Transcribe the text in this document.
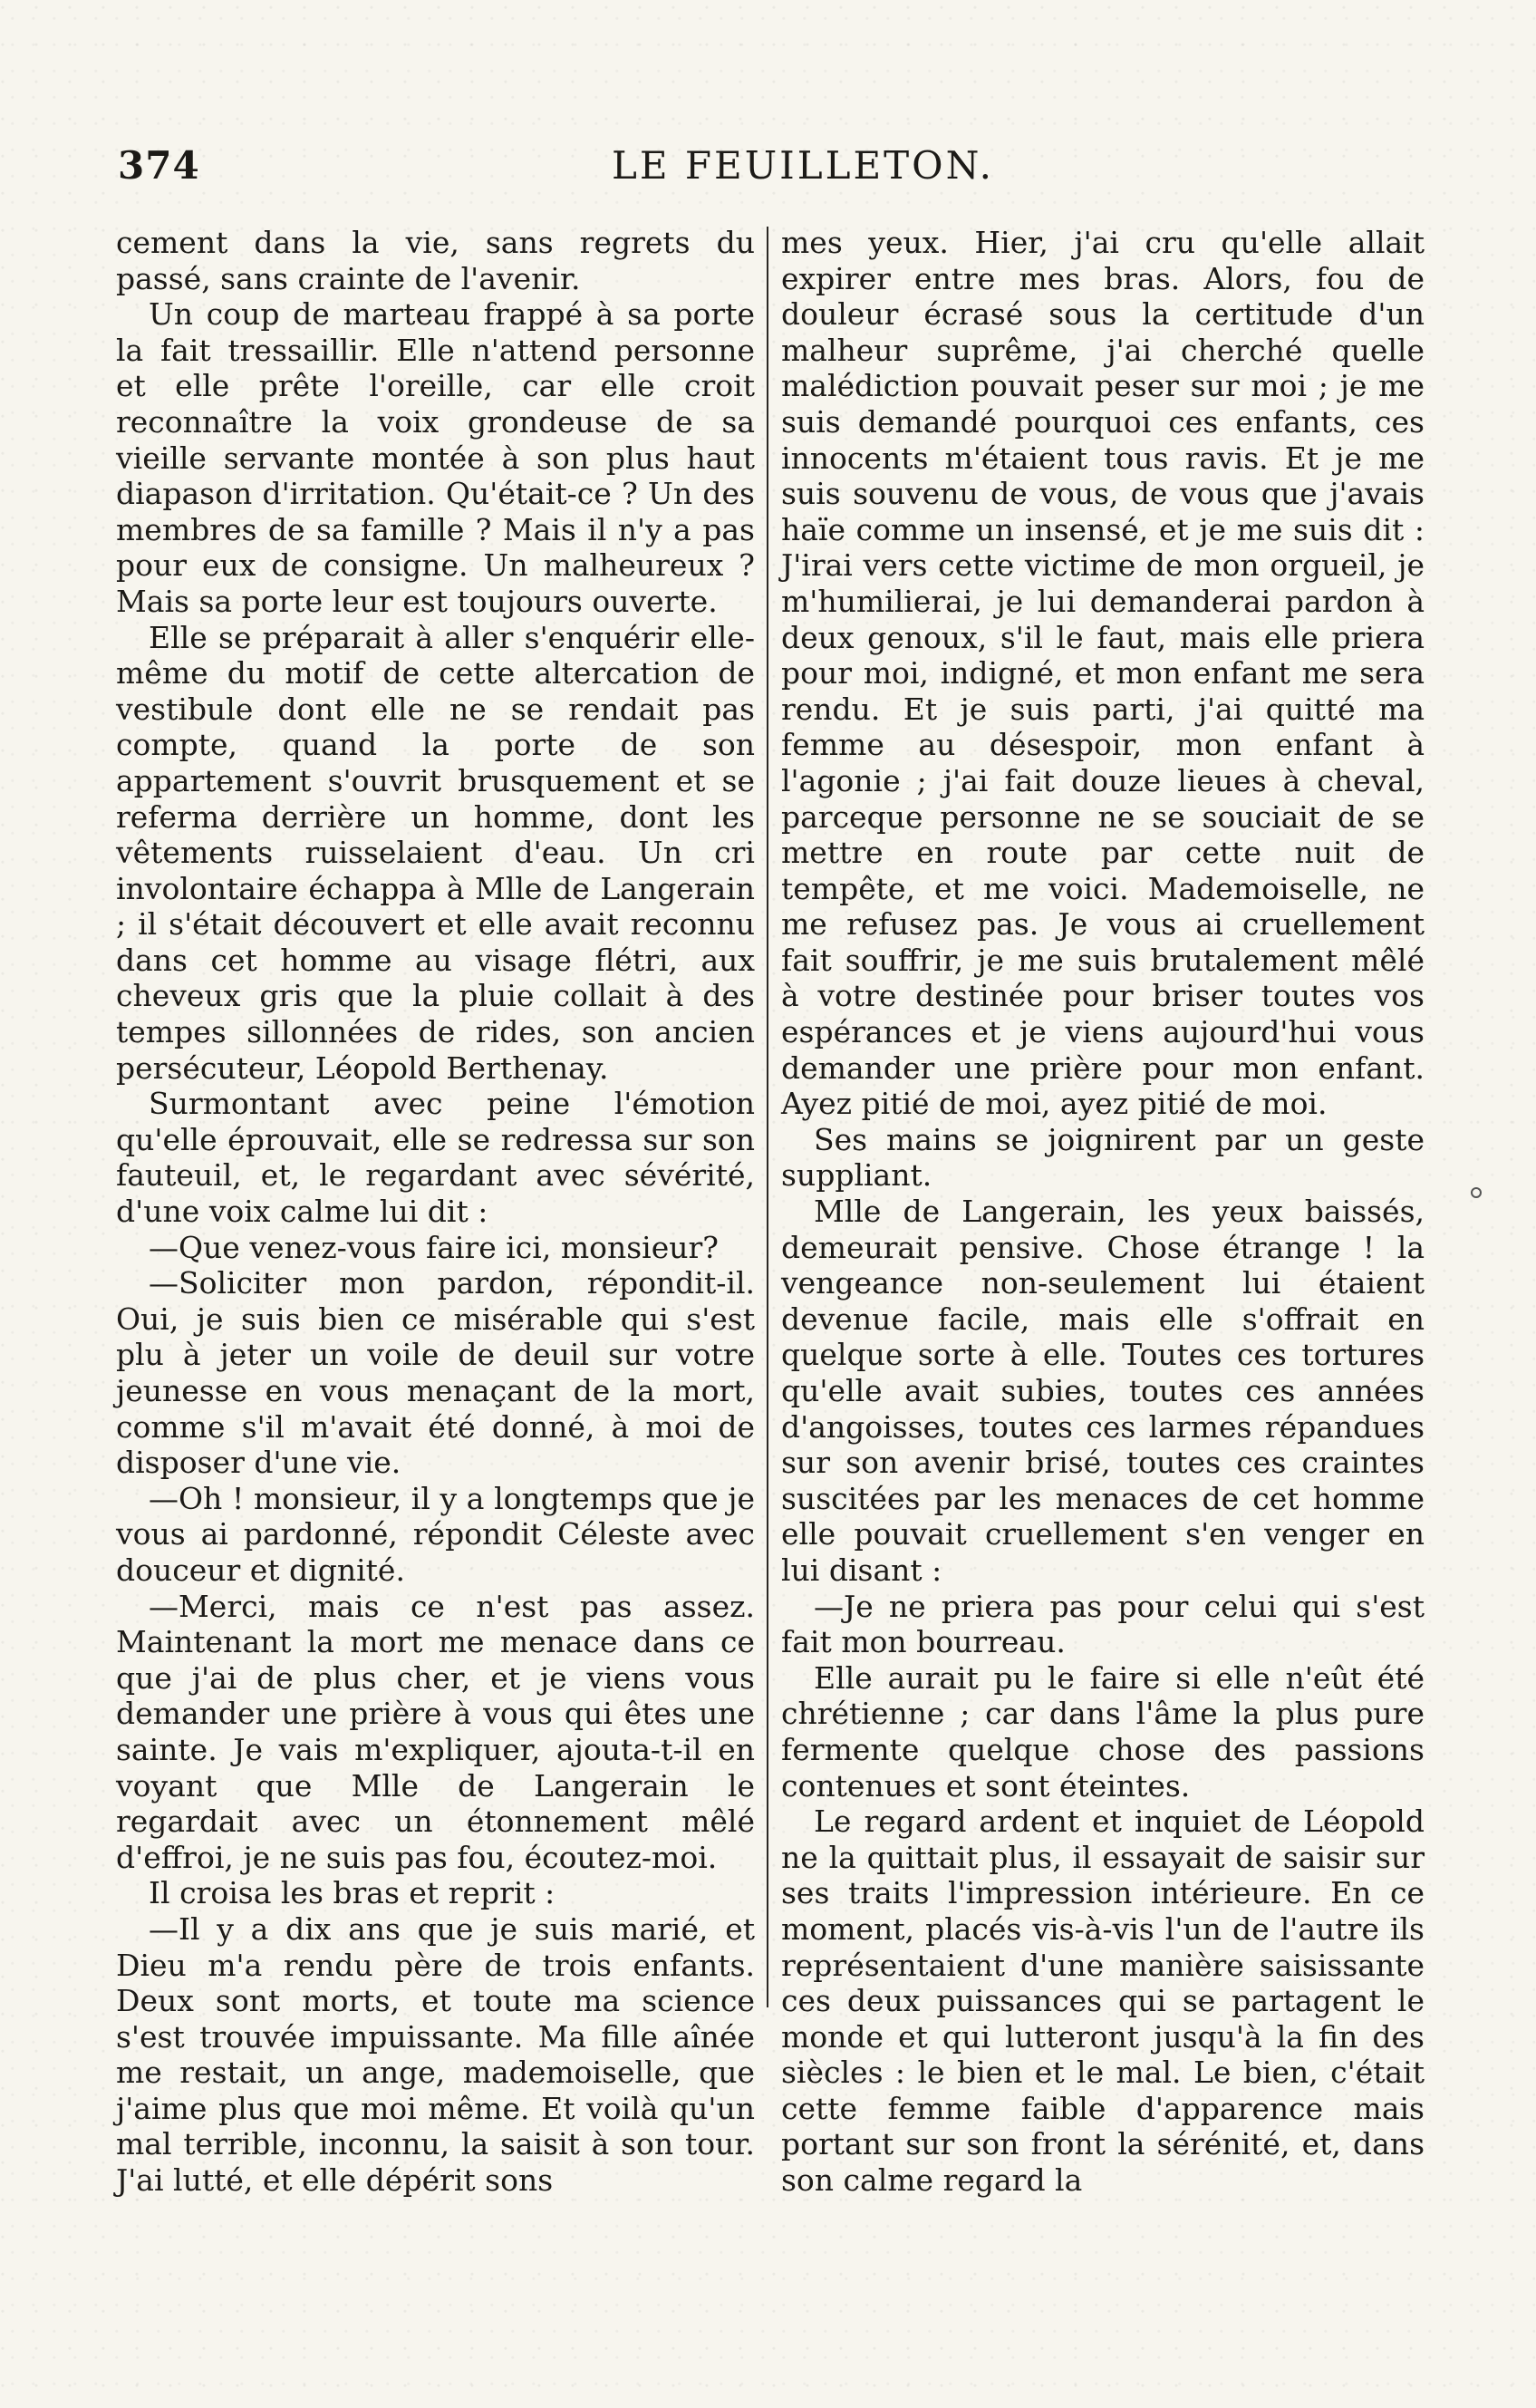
374	LE FEUILLETON.

cement dans la vie, sans regrets du passé, sans crainte de l'avenir.

Un coup de marteau frappé à sa porte la fait tressaillir. Elle n'attend personne et elle prête l'oreille, car elle croit reconnaître la voix grondeuse de sa vieille servante montée à son plus haut diapason d'irritation. Qu'était-ce ? Un des membres de sa famille ? Mais il n'y a pas pour eux de consigne. Un malheureux ? Mais sa porte leur est toujours ouverte.

Elle se préparait à aller s'enquérir elle-même du motif de cette altercation de vestibule dont elle ne se rendait pas compte, quand la porte de son appartement s'ouvrit brusquement et se referma derrière un homme, dont les vêtements ruisselaient d'eau. Un cri involontaire échappa à Mlle de Langerain ; il s'était découvert et elle avait reconnu dans cet homme au visage flétri, aux cheveux gris que la pluie collait à des tempes sillonnées de rides, son ancien persécuteur, Léopold Berthenay.

Surmontant avec peine l'émotion qu'elle éprouvait, elle se redressa sur son fauteuil, et, le regardant avec sévérité, d'une voix calme lui dit :

—Que venez-vous faire ici, monsieur?

—Soliciter mon pardon, répondit-il. Oui, je suis bien ce misérable qui s'est plu à jeter un voile de deuil sur votre jeunesse en vous menaçant de la mort, comme s'il m'avait été donné, à moi de disposer d'une vie.

—Oh ! monsieur, il y a longtemps que je vous ai pardonné, répondit Céleste avec douceur et dignité.

—Merci, mais ce n'est pas assez. Maintenant la mort me menace dans ce que j'ai de plus cher, et je viens vous demander une prière à vous qui êtes une sainte. Je vais m'expliquer, ajouta-t-il en voyant que Mlle de Langerain le regardait avec un étonnement mêlé d'effroi, je ne suis pas fou, écoutez-moi.

Il croisa les bras et reprit :

—Il y a dix ans que je suis marié, et Dieu m'a rendu père de trois enfants. Deux sont morts, et toute ma science s'est trouvée impuissante. Ma fille aînée me restait, un ange, mademoiselle, que j'aime plus que moi même. Et voilà qu'un mal terrible, inconnu, la saisit à son tour. J'ai lutté, et elle dépérit sons

mes yeux. Hier, j'ai cru qu'elle allait expirer entre mes bras. Alors, fou de douleur écrasé sous la certitude d'un malheur suprême, j'ai cherché quelle malédiction pouvait peser sur moi ; je me suis demandé pourquoi ces enfants, ces innocents m'étaient tous ravis. Et je me suis souvenu de vous, de vous que j'avais haïe comme un insensé, et je me suis dit : J'irai vers cette victime de mon orgueil, je m'humilierai, je lui demanderai pardon à deux genoux, s'il le faut, mais elle priera pour moi, indigné, et mon enfant me sera rendu. Et je suis parti, j'ai quitté ma femme au désespoir, mon enfant à l'agonie ; j'ai fait douze lieues à cheval, parceque personne ne se souciait de se mettre en route par cette nuit de tempête, et me voici. Mademoiselle, ne me refusez pas. Je vous ai cruellement fait souffrir, je me suis brutalement mêlé à votre destinée pour briser toutes vos espérances et je viens aujourd'hui vous demander une prière pour mon enfant. Ayez pitié de moi, ayez pitié de moi.

Ses mains se joignirent par un geste suppliant.

Mlle de Langerain, les yeux baissés, demeurait pensive. Chose étrange ! la vengeance non-seulement lui étaient devenue facile, mais elle s'offrait en quelque sorte à elle. Toutes ces tortures qu'elle avait subies, toutes ces années d'angoisses, toutes ces larmes répandues sur son avenir brisé, toutes ces craintes suscitées par les menaces de cet homme elle pouvait cruellement s'en venger en lui disant :

—Je ne priera pas pour celui qui s'est fait mon bourreau.

Elle aurait pu le faire si elle n'eût été chrétienne ; car dans l'âme la plus pure fermente quelque chose des passions contenues et sont éteintes.

Le regard ardent et inquiet de Léopold ne la quittait plus, il essayait de saisir sur ses traits l'impression intérieure. En ce moment, placés vis-à-vis l'un de l'autre ils représentaient d'une manière saisissante ces deux puissances qui se partagent le monde et qui lutteront jusqu'à la fin des siècles : le bien et le mal. Le bien, c'était cette femme faible d'apparence mais portant sur son front la sérénité, et, dans son calme regard la
